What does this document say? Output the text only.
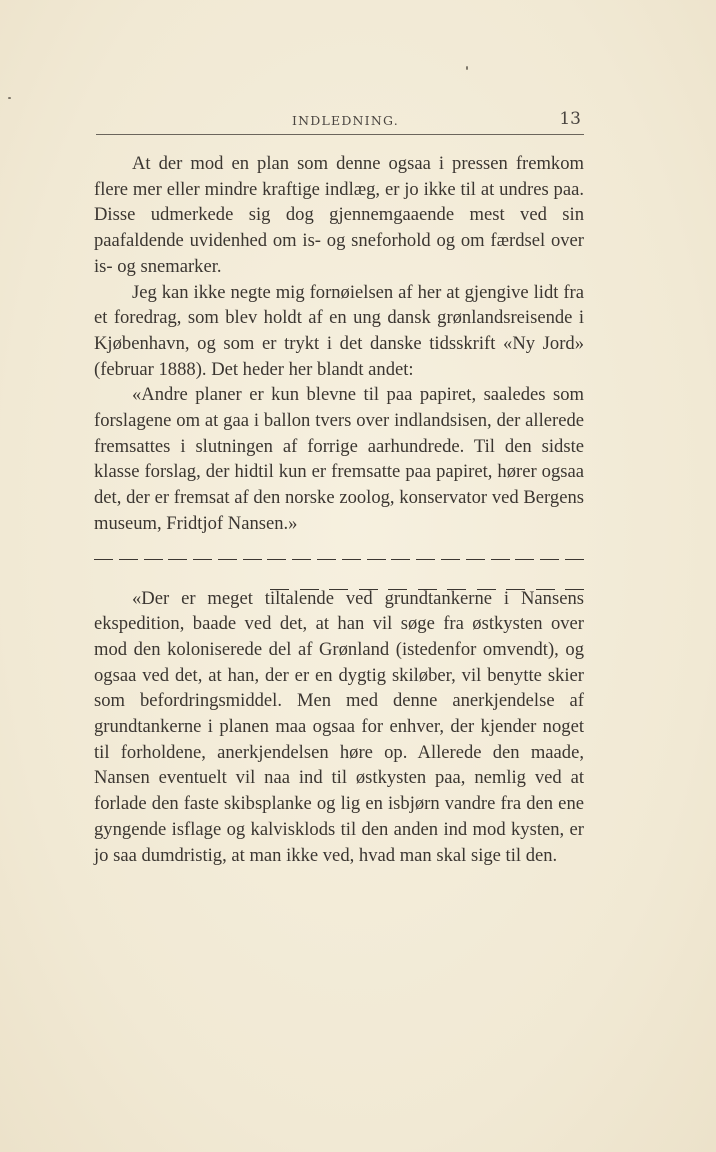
INDLEDNING.	13

At der mod en plan som denne ogsaa i pressen fremkom flere mer eller mindre kraftige indlæg, er jo ikke til at undres paa. Disse udmerkede sig dog gjennemgaaende mest ved sin paafaldende uvidenhed om is- og sneforhold og om færdsel over is- og snemarker.

Jeg kan ikke negte mig fornøielsen af her at gjengive lidt fra et foredrag, som blev holdt af en ung dansk grønlandsreisende i Kjøbenhavn, og som er trykt i det danske tidsskrift «Ny Jord» (februar 1888). Det heder her blandt andet:

«Andre planer er kun blevne til paa papiret, saaledes som forslagene om at gaa i ballon tvers over indlandsisen, der allerede fremsattes i slutningen af forrige aarhundrede. Til den sidste klasse forslag, der hidtil kun er fremsatte paa papiret, hører ogsaa det, der er fremsat af den norske zoolog, konservator ved Bergens museum, Fridtjof Nansen.»

«Der er meget tiltalende ved grundtankerne i Nansens ekspedition, baade ved det, at han vil søge fra østkysten over mod den koloniserede del af Grønland (istedenfor omvendt), og ogsaa ved det, at han, der er en dygtig skiløber, vil benytte skier som befordringsmiddel. Men med denne anerkjendelse af grundtankerne i planen maa ogsaa for enhver, der kjender noget til forholdene, anerkjendelsen høre op. Allerede den maade, Nansen eventuelt vil naa ind til østkysten paa, nemlig ved at forlade den faste skibsplanke og lig en isbjørn vandre fra den ene gyngende isflage og kalvisklods til den anden ind mod kysten, er jo saa dumdristig, at man ikke ved, hvad man skal sige til den.
